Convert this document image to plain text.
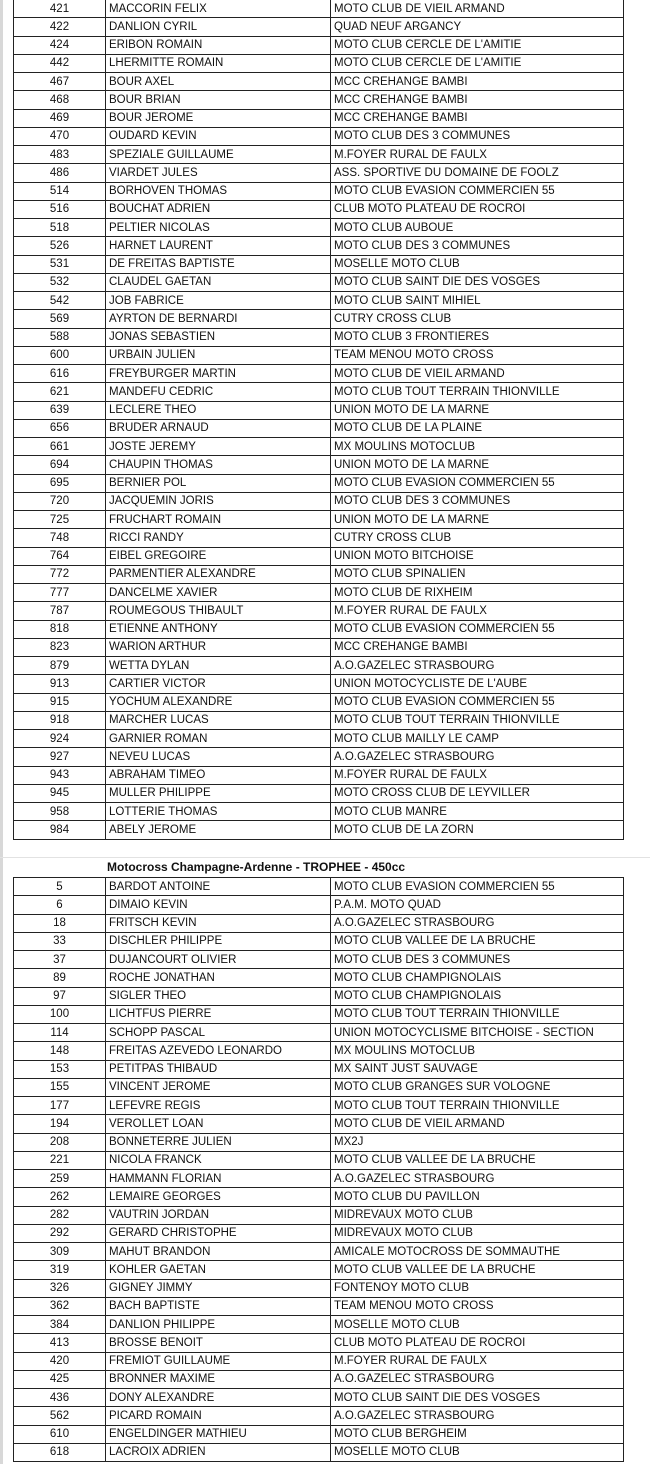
421	MACCORIN FELIX	MOTO CLUB DE VIEIL ARMAND
422	DANLION CYRIL	QUAD NEUF ARGANCY
424	ERIBON ROMAIN	MOTO CLUB CERCLE DE L'AMITIE
442	LHERMITTE ROMAIN	MOTO CLUB CERCLE DE L'AMITIE
467	BOUR AXEL	MCC CREHANGE BAMBI
468	BOUR BRIAN	MCC CREHANGE BAMBI
469	BOUR JEROME	MCC CREHANGE BAMBI
470	OUDARD KEVIN	MOTO CLUB DES 3 COMMUNES
483	SPEZIALE GUILLAUME	M.FOYER RURAL DE FAULX
486	VIARDET JULES	ASS. SPORTIVE DU DOMAINE DE FOOLZ
514	BORHOVEN THOMAS	MOTO CLUB EVASION COMMERCIEN 55
516	BOUCHAT ADRIEN	CLUB MOTO PLATEAU DE ROCROI
518	PELTIER NICOLAS	MOTO CLUB AUBOUE
526	HARNET LAURENT	MOTO CLUB DES 3 COMMUNES
531	DE FREITAS BAPTISTE	MOSELLE MOTO CLUB
532	CLAUDEL GAETAN	MOTO CLUB SAINT DIE DES VOSGES
542	JOB FABRICE	MOTO CLUB SAINT MIHIEL
569	AYRTON DE BERNARDI	CUTRY CROSS CLUB
588	JONAS SEBASTIEN	MOTO CLUB 3 FRONTIERES
600	URBAIN JULIEN	TEAM MENOU MOTO CROSS
616	FREYBURGER MARTIN	MOTO CLUB DE VIEIL ARMAND
621	MANDEFU CEDRIC	MOTO CLUB TOUT TERRAIN THIONVILLE
639	LECLERE THEO	UNION MOTO DE LA MARNE
656	BRUDER ARNAUD	MOTO CLUB DE LA PLAINE
661	JOSTE JEREMY	MX MOULINS MOTOCLUB
694	CHAUPIN THOMAS	UNION MOTO DE LA MARNE
695	BERNIER POL	MOTO CLUB EVASION COMMERCIEN 55
720	JACQUEMIN JORIS	MOTO CLUB DES 3 COMMUNES
725	FRUCHART ROMAIN	UNION MOTO DE LA MARNE
748	RICCI RANDY	CUTRY CROSS CLUB
764	EIBEL GREGOIRE	UNION MOTO BITCHOISE
772	PARMENTIER ALEXANDRE	MOTO CLUB SPINALIEN
777	DANCELME XAVIER	MOTO CLUB DE RIXHEIM
787	ROUMEGOUS THIBAULT	M.FOYER RURAL DE FAULX
818	ETIENNE ANTHONY	MOTO CLUB EVASION COMMERCIEN 55
823	WARION ARTHUR	MCC CREHANGE BAMBI
879	WETTA DYLAN	A.O.GAZELEC STRASBOURG
913	CARTIER VICTOR	UNION MOTOCYCLISTE DE L'AUBE
915	YOCHUM ALEXANDRE	MOTO CLUB EVASION COMMERCIEN 55
918	MARCHER LUCAS	MOTO CLUB TOUT TERRAIN THIONVILLE
924	GARNIER ROMAN	MOTO CLUB MAILLY LE CAMP
927	NEVEU LUCAS	A.O.GAZELEC STRASBOURG
943	ABRAHAM TIMEO	M.FOYER RURAL DE FAULX
945	MULLER PHILIPPE	MOTO CROSS CLUB DE LEYVILLER
958	LOTTERIE THOMAS	MOTO CLUB MANRE
984	ABELY JEROME	MOTO CLUB DE LA ZORN
Motocross Champagne-Ardenne - TROPHEE - 450cc
5	BARDOT ANTOINE	MOTO CLUB EVASION COMMERCIEN 55
6	DIMAIO KEVIN	P.A.M. MOTO QUAD
18	FRITSCH KEVIN	A.O.GAZELEC STRASBOURG
33	DISCHLER PHILIPPE	MOTO CLUB VALLEE DE LA BRUCHE
37	DUJANCOURT OLIVIER	MOTO CLUB DES 3 COMMUNES
89	ROCHE JONATHAN	MOTO CLUB CHAMPIGNOLAIS
97	SIGLER THEO	MOTO CLUB CHAMPIGNOLAIS
100	LICHTFUS PIERRE	MOTO CLUB TOUT TERRAIN THIONVILLE
114	SCHOPP PASCAL	UNION MOTOCYCLISME BITCHOISE - SECTION
148	FREITAS AZEVEDO LEONARDO	MX MOULINS MOTOCLUB
153	PETITPAS THIBAUD	MX SAINT JUST SAUVAGE
155	VINCENT JEROME	MOTO CLUB GRANGES SUR VOLOGNE
177	LEFEVRE REGIS	MOTO CLUB TOUT TERRAIN THIONVILLE
194	VEROLLET LOAN	MOTO CLUB DE VIEIL ARMAND
208	BONNETERRE JULIEN	MX2J
221	NICOLA FRANCK	MOTO CLUB VALLEE DE LA BRUCHE
259	HAMMANN FLORIAN	A.O.GAZELEC STRASBOURG
262	LEMAIRE GEORGES	MOTO CLUB DU PAVILLON
282	VAUTRIN JORDAN	MIDREVAUX MOTO CLUB
292	GERARD CHRISTOPHE	MIDREVAUX MOTO CLUB
309	MAHUT BRANDON	AMICALE MOTOCROSS DE SOMMAUTHE
319	KOHLER GAETAN	MOTO CLUB VALLEE DE LA BRUCHE
326	GIGNEY JIMMY	FONTENOY MOTO CLUB
362	BACH BAPTISTE	TEAM MENOU MOTO CROSS
384	DANLION PHILIPPE	MOSELLE MOTO CLUB
413	BROSSE BENOIT	CLUB MOTO PLATEAU DE ROCROI
420	FREMIOT GUILLAUME	M.FOYER RURAL DE FAULX
425	BRONNER MAXIME	A.O.GAZELEC STRASBOURG
436	DONY ALEXANDRE	MOTO CLUB SAINT DIE DES VOSGES
562	PICARD ROMAIN	A.O.GAZELEC STRASBOURG
610	ENGELDINGER MATHIEU	MOTO CLUB BERGHEIM
618	LACROIX ADRIEN	MOSELLE MOTO CLUB
